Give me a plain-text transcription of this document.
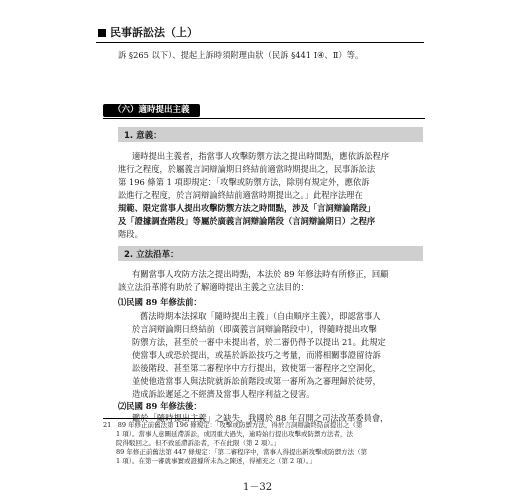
民事訴訟法（上）
訴 §265 以下）、提起上訴時須附理由狀（民訴 §441 Ⅰ④、Ⅱ）等。
（六）適時提出主義
1. 意義：
適時提出主義者，指當事人攻擊防禦方法之提出時間點，應依訴訟程序
進行之程度，於屬義言詞辯論期日終結前適當時期提出之，民事訴訟法
第 196 條第 1 項即規定：「攻擊或防禦方法，除別有規定外，應依訴
訟進行之程度，於言詞辯論終結前適當時期提出之。」此程序法理在
規範、限定當事人提出攻擊防禦方法之時間點，涉及「言詞辯論階段」
及「證據調查階段」等屬於廣義言詞辯論階段（言詞辯論期日）之程序
階段。
2. 立法沿革：
有關當事人攻防方法之提出時點，本法於 89 年修法時有所修正，回顧
該立法沿革將有助於了解適時提出主義之立法目的：
⑴民國 89 年修法前：
舊法時期本法採取「隨時提出主義」（自由順序主義），即認當事人
於言詞辯論期日終結前（即廣義言詞辯論階段中），得隨時提出攻擊
防禦方法，甚至於一審中未提出者，於二審仍得予以提出 21。此規定
使當事人或恐於提出，或基於訴訟技巧之考量，而將相關事證留待訴
訟後階段、甚至第二審程序中方行提出，致使第一審程序之空洞化，
並使他造當事人與法院就訴訟前階段或第一審所為之審理歸於徒勞，
造成訴訟遲延之不經濟及當事人程序利益之侵害。
⑵民國 89 年修法後：
鑑於「隨時提出主義」之缺失，我國於 88 年召開之司法改革委員會，
21　89 年修正前舊法第 196 條規定：「攻擊或防禦方法，得於言詞辯論終結前提出之（第
　　1 項）。當事人意圖延滯訴訟，或因重大過失，逾時始行提出攻擊或防禦方法者，法
　　院得駁回之。但不致延滯訴訟者，不在此限（第 2 項）。」
　　89 年修正前舊法第 447 條規定：「第二審程序中，當事人得提出新攻擊或防禦方法（第
　　1 項）。在第一審就事實或證據所未為之陳述，得補充之（第 2 項）。」
1－32
